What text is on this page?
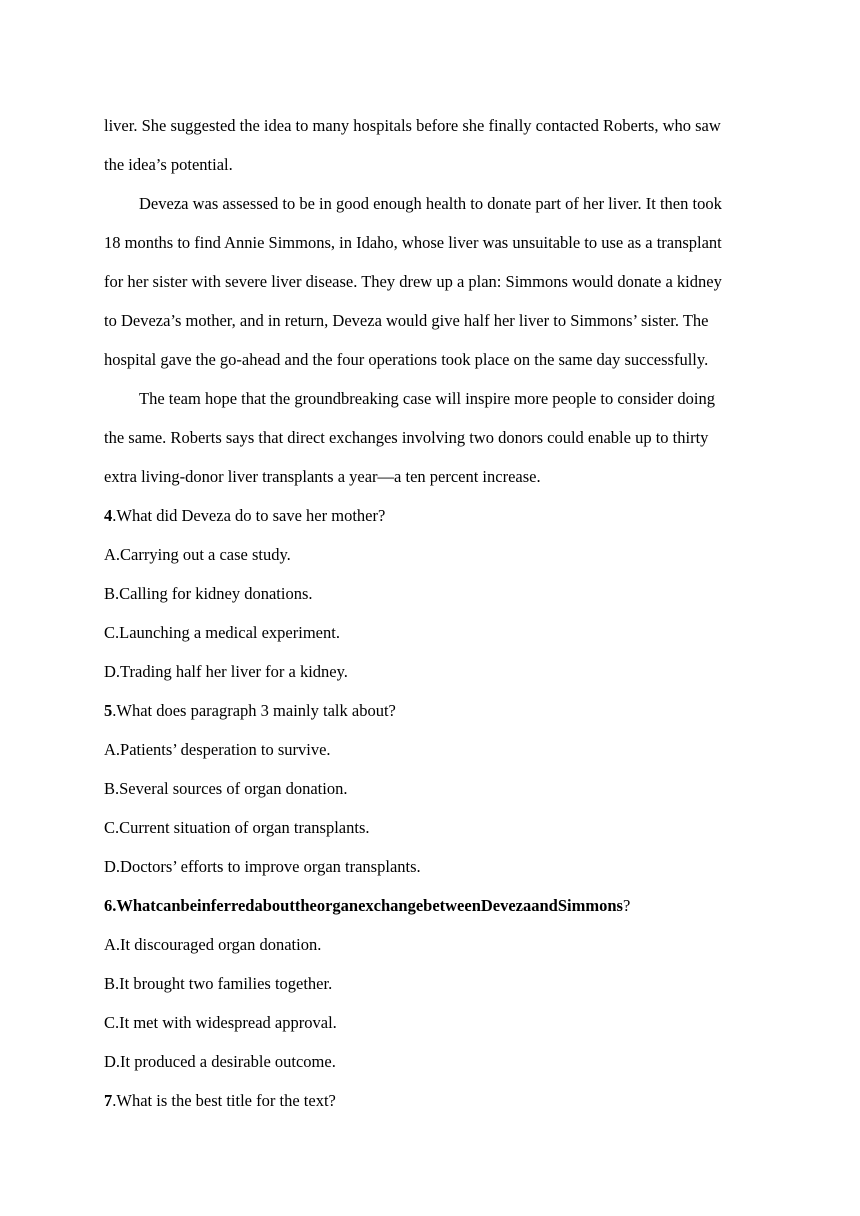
liver. She suggested the idea to many hospitals before she finally contacted Roberts, who saw
the idea’s potential.
Deveza was assessed to be in good enough health to donate part of her liver. It then took
18 months to find Annie Simmons, in Idaho, whose liver was unsuitable to use as a transplant
for her sister with severe liver disease. They drew up a plan: Simmons would donate a kidney
to Deveza’s mother, and in return, Deveza would give half her liver to Simmons’ sister. The
hospital gave the go-ahead and the four operations took place on the same day successfully.
The team hope that the groundbreaking case will inspire more people to consider doing
the same. Roberts says that direct exchanges involving two donors could enable up to thirty
extra living-donor liver transplants a year—a ten percent increase.
4.What did Deveza do to save her mother?
A.Carrying out a case study.
B.Calling for kidney donations.
C.Launching a medical experiment.
D.Trading half her liver for a kidney.
5.What does paragraph 3 mainly talk about?
A.Patients’ desperation to survive.
B.Several sources of organ donation.
C.Current situation of organ transplants.
D.Doctors’ efforts to improve organ transplants.
6.WhatcanbeinferredabouttheorganexchangebetweenDevezaandSimmons?
A.It discouraged organ donation.
B.It brought two families together.
C.It met with widespread approval.
D.It produced a desirable outcome.
7.What is the best title for the text?
